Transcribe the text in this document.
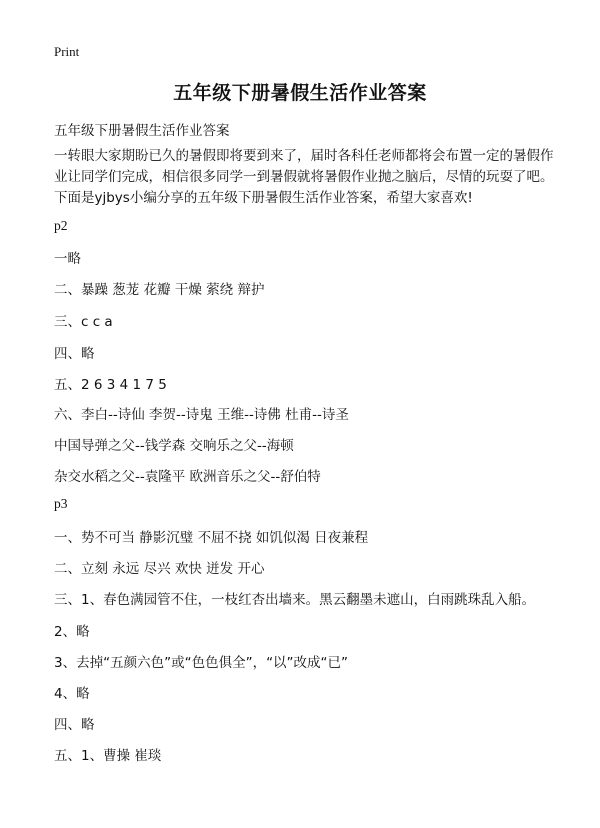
Print
五年级下册暑假生活作业答案
五年级下册暑假生活作业答案
一转眼大家期盼已久的暑假即将要到来了，届时各科任老师都将会布置一定的暑假作业让同学们完成，相信很多同学一到暑假就将暑假作业抛之脑后，尽情的玩耍了吧。下面是yjbys小编分享的五年级下册暑假生活作业答案，希望大家喜欢!
p2
一略
二、暴躁 葱茏 花瓣 干燥 萦绕 辩护
三、c c a
四、略
五、2 6 3 4 1 7 5
六、李白--诗仙 李贺--诗鬼 王维--诗佛 杜甫--诗圣
中国导弹之父--钱学森 交响乐之父--海顿
杂交水稻之父--袁隆平 欧洲音乐之父--舒伯特
p3
一、势不可当 静影沉璧 不屈不挠 如饥似渴 日夜兼程
二、立刻 永远 尽兴 欢快 迸发 开心
三、1、春色满园管不住，一枝红杏出墙来。黑云翻墨未遮山，白雨跳珠乱入船。
2、略
3、去掉“五颜六色”或“色色俱全”，“以”改成“已”
4、略
四、略
五、1、曹操 崔琰
